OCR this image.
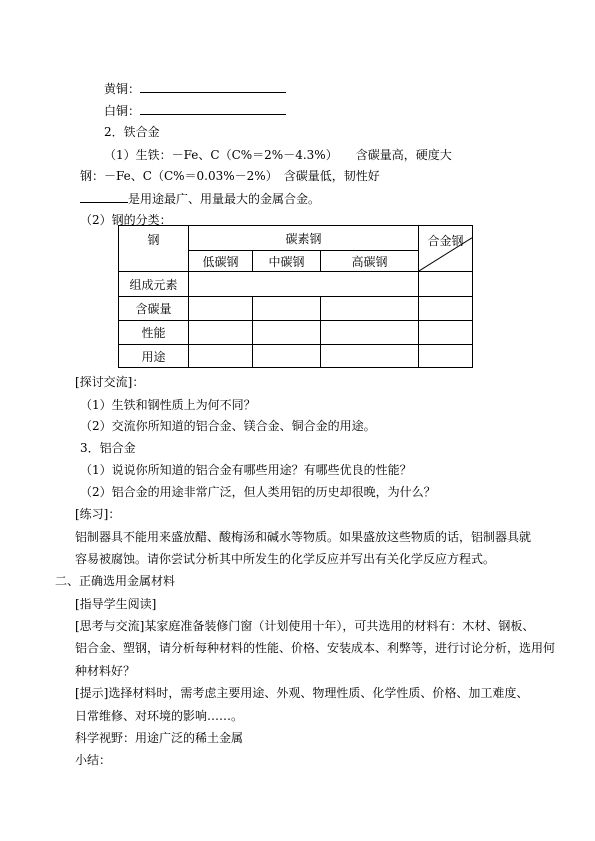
黄铜：
白铜：
2．铁合金
（1）生铁：－Fe、C（C%＝2%－4.3%）　　含碳量高，硬度大
钢：－Fe、C（C%＝0.03%－2%）　含碳量低，韧性好
是用途最广、用量最大的金属合金。
（2）钢的分类：
钢	碳素钢			合金钢

	低碳钢	中碳钢	高碳钢	
组成元素				
含碳量				
性能				
用途				
[探讨交流]：
（1）生铁和钢性质上为何不同？
（2）交流你所知道的铝合金、镁合金、铜合金的用途。
3．铝合金
（1）说说你所知道的铝合金有哪些用途？有哪些优良的性能？
（2）铝合金的用途非常广泛，但人类用铝的历史却很晚，为什么？
[练习]：
铝制器具不能用来盛放醋、酸梅汤和碱水等物质。如果盛放这些物质的话，铝制器具就
容易被腐蚀。请你尝试分析其中所发生的化学反应并写出有关化学反应方程式。
二、正确选用金属材料
[指导学生阅读]
[思考与交流]某家庭准备装修门窗（计划使用十年），可共选用的材料有：木材、钢板、
铝合金、塑钢，请分析每种材料的性能、价格、安装成本、利弊等，进行讨论分析，选用何
种材料好？
[提示]选择材料时，需考虑主要用途、外观、物理性质、化学性质、价格、加工难度、
日常维修、对环境的影响……。
科学视野：用途广泛的稀土金属
小结：
